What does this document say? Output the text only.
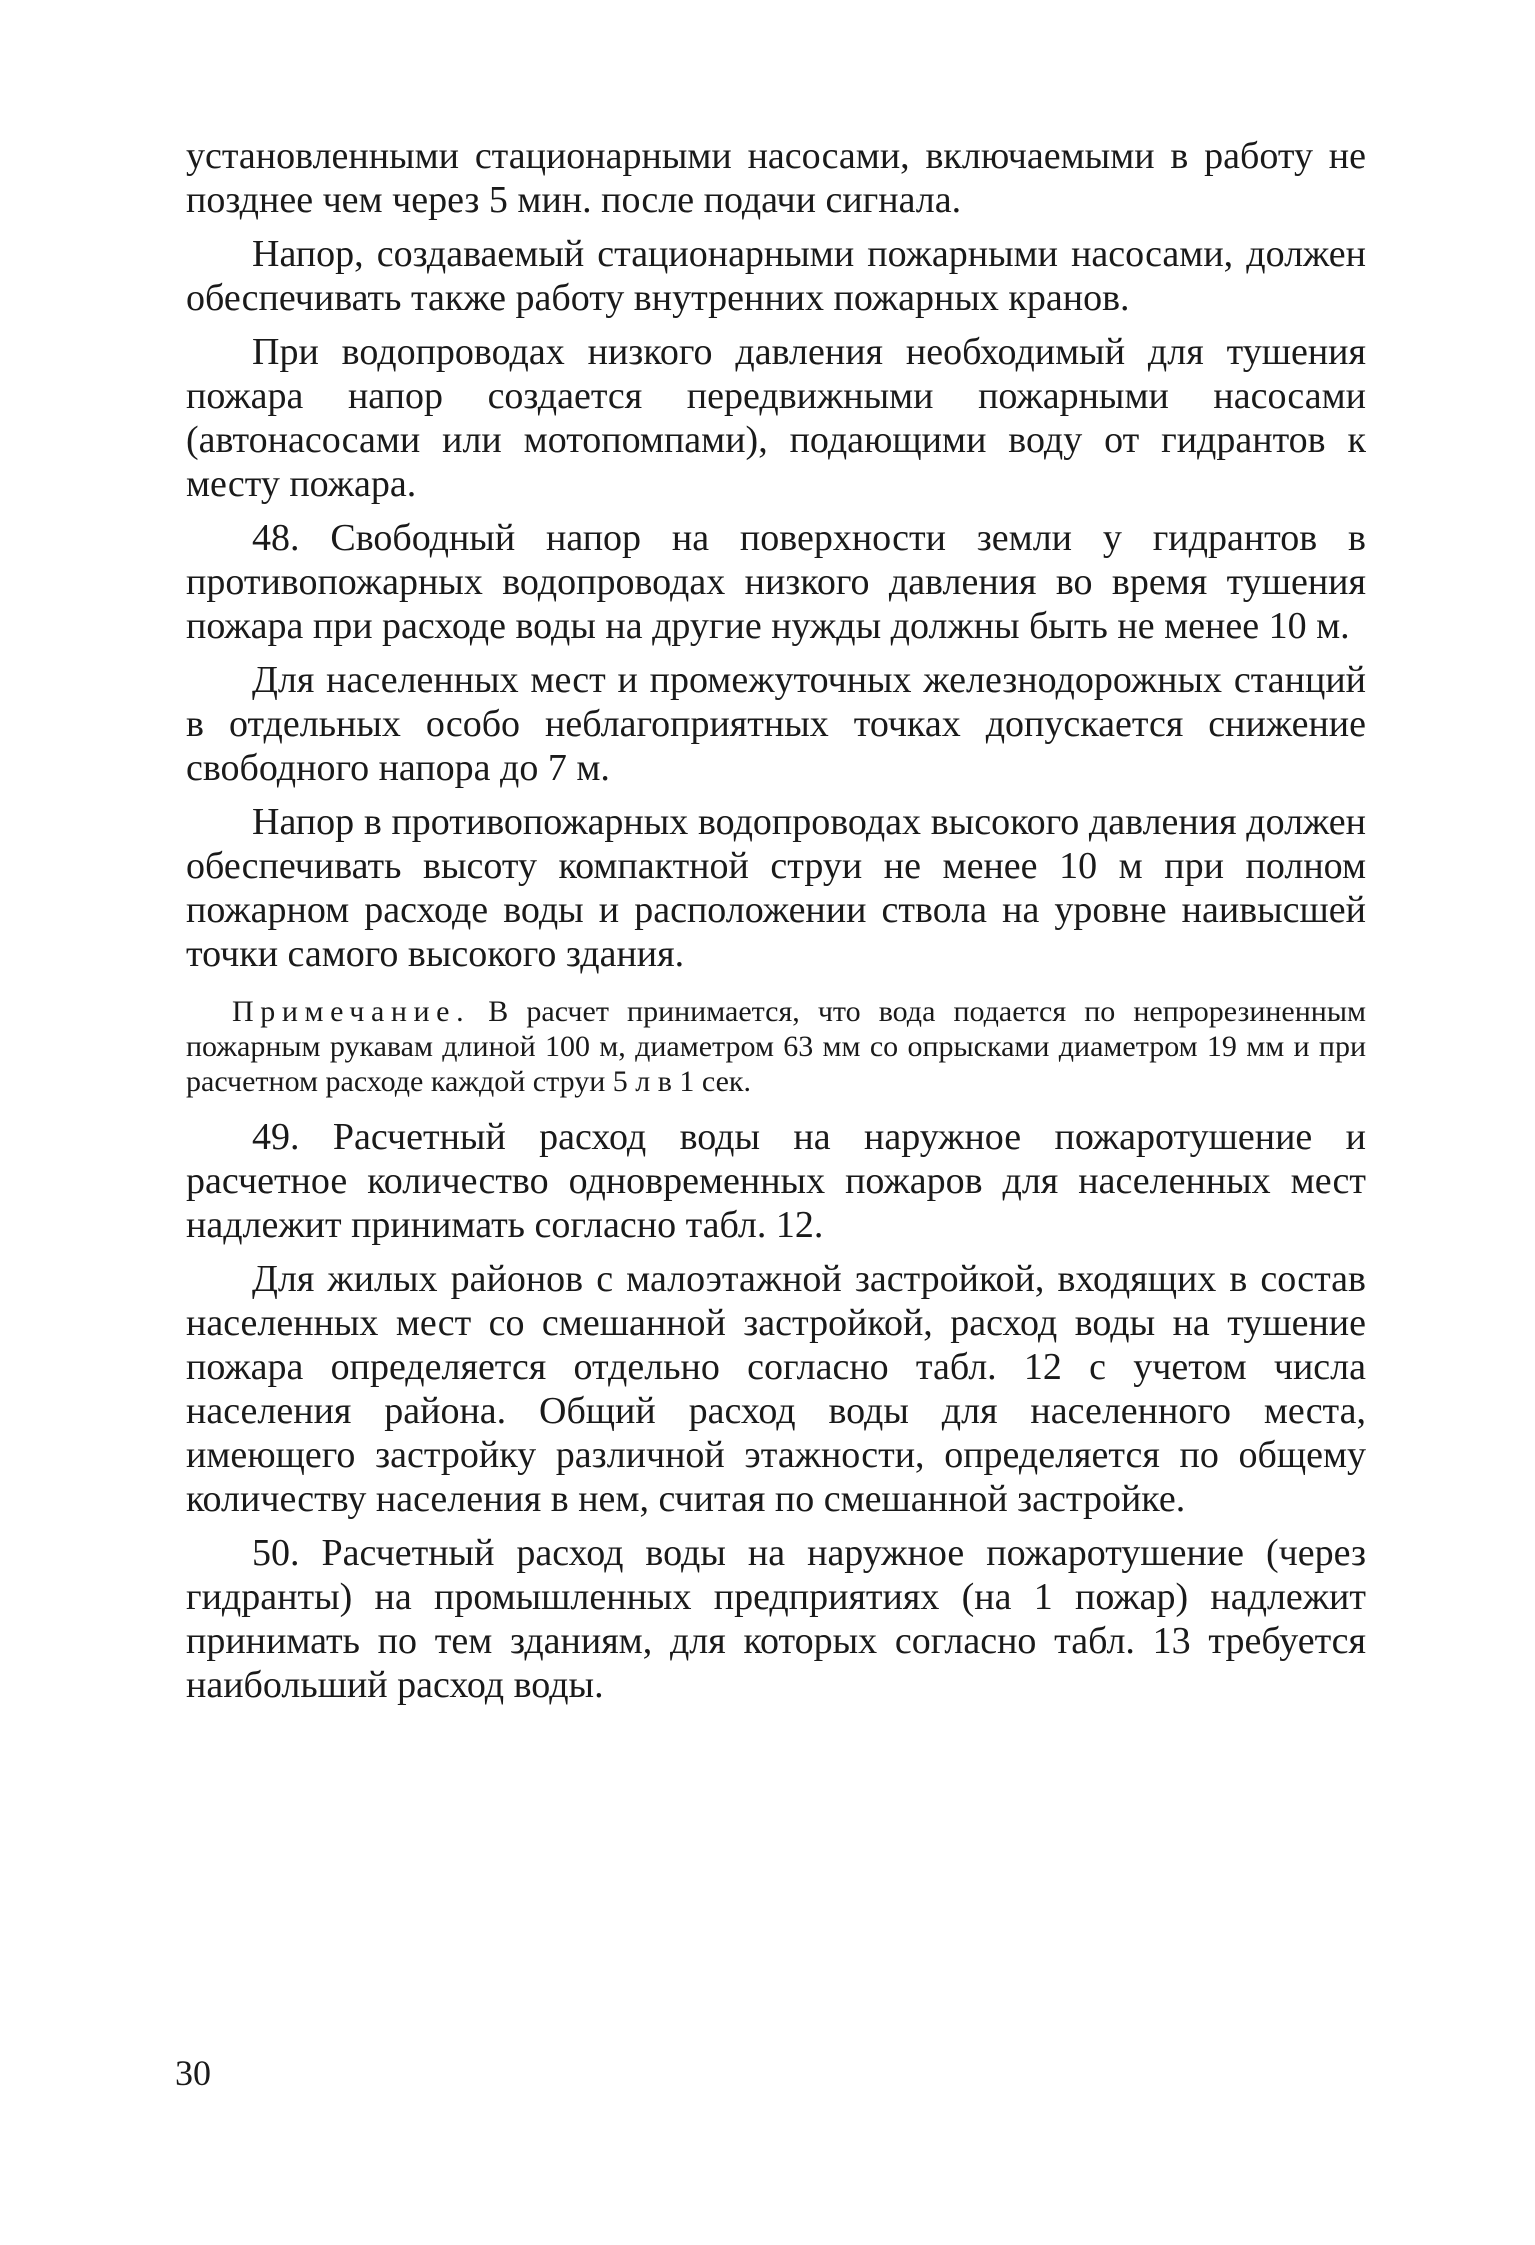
установленными стационарными насосами, включаемыми в работу не позднее чем через 5 мин. после подачи сигнала.

Напор, создаваемый стационарными пожарными насосами, должен обеспечивать также работу внутренних пожарных кранов.

При водопроводах низкого давления необходимый для тушения пожара напор создается передвижными пожарными насосами (автонасосами или мотопомпами), подающими воду от гидрантов к месту пожара.

48. Свободный напор на поверхности земли у гидрантов в противопожарных водопроводах низкого давления во время тушения пожара при расходе воды на другие нужды должны быть не менее 10 м.

Для населенных мест и промежуточных железнодорожных станций в отдельных особо неблагоприятных точках допускается снижение свободного напора до 7 м.

Напор в противопожарных водопроводах высокого давления должен обеспечивать высоту компактной струи не менее 10 м при полном пожарном расходе воды и расположении ствола на уровне наивысшей точки самого высокого здания.

Примечание. В расчет принимается, что вода подается по непрорезиненным пожарным рукавам длиной 100 м, диаметром 63 мм со опрысками диаметром 19 мм и при расчетном расходе каждой струи 5 л в 1 сек.

49. Расчетный расход воды на наружное пожаротушение и расчетное количество одновременных пожаров для населенных мест надлежит принимать согласно табл. 12.

Для жилых районов с малоэтажной застройкой, входящих в состав населенных мест со смешанной застройкой, расход воды на тушение пожара определяется отдельно согласно табл. 12 с учетом числа населения района. Общий расход воды для населенного места, имеющего застройку различной этажности, определяется по общему количеству населения в нем, считая по смешанной застройке.

50. Расчетный расход воды на наружное пожаротушение (через гидранты) на промышленных предприятиях (на 1 пожар) надлежит принимать по тем зданиям, для которых согласно табл. 13 требуется наибольший расход воды.

30
